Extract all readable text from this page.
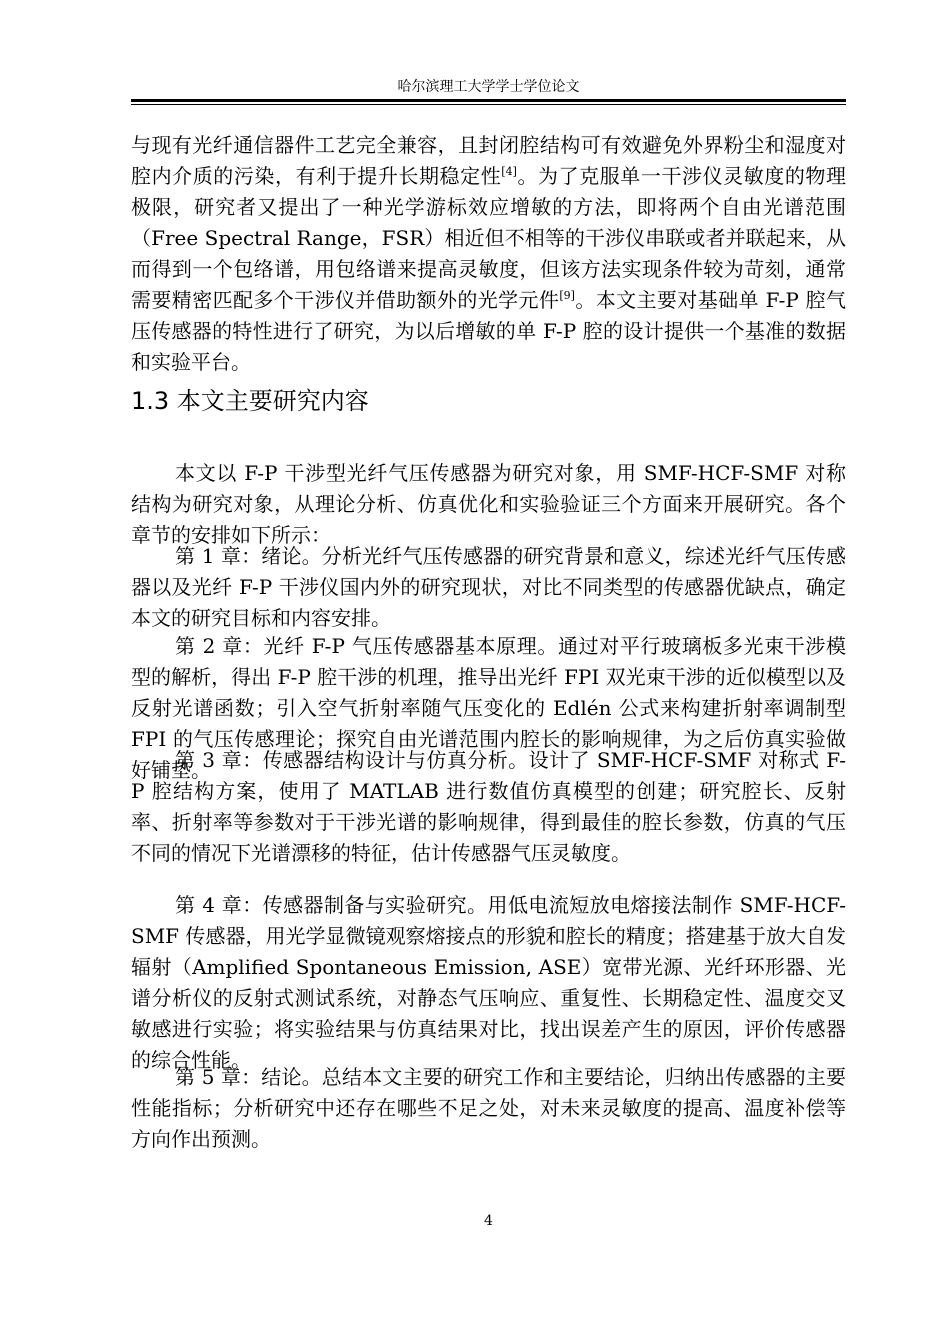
哈尔滨理工大学学士学位论文

与现有光纤通信器件工艺完全兼容，且封闭腔结构可有效避免外界粉尘和湿度对腔内介质的污染，有利于提升长期稳定性[4]。为了克服单一干涉仪灵敏度的物理极限，研究者又提出了一种光学游标效应增敏的方法，即将两个自由光谱范围（Free Spectral Range，FSR）相近但不相等的干涉仪串联或者并联起来，从而得到一个包络谱，用包络谱来提高灵敏度，但该方法实现条件较为苛刻，通常需要精密匹配多个干涉仪并借助额外的光学元件[9]。本文主要对基础单 F-P 腔气压传感器的特性进行了研究，为以后增敏的单 F-P 腔的设计提供一个基准的数据和实验平台。

1.3 本文主要研究内容

本文以 F-P 干涉型光纤气压传感器为研究对象，用 SMF-HCF-SMF 对称结构为研究对象，从理论分析、仿真优化和实验验证三个方面来开展研究。各个章节的安排如下所示：

第 1 章：绪论。分析光纤气压传感器的研究背景和意义，综述光纤气压传感器以及光纤 F-P 干涉仪国内外的研究现状，对比不同类型的传感器优缺点，确定本文的研究目标和内容安排。

第 2 章：光纤 F-P 气压传感器基本原理。通过对平行玻璃板多光束干涉模型的解析，得出 F-P 腔干涉的机理，推导出光纤 FPI 双光束干涉的近似模型以及反射光谱函数；引入空气折射率随气压变化的 Edlén 公式来构建折射率调制型 FPI 的气压传感理论；探究自由光谱范围内腔长的影响规律，为之后仿真实验做好铺垫。

第 3 章：传感器结构设计与仿真分析。设计了 SMF-HCF-SMF 对称式 F-P 腔结构方案，使用了 MATLAB 进行数值仿真模型的创建；研究腔长、反射率、折射率等参数对于干涉光谱的影响规律，得到最佳的腔长参数，仿真的气压不同的情况下光谱漂移的特征，估计传感器气压灵敏度。

第 4 章：传感器制备与实验研究。用低电流短放电熔接法制作 SMF-HCF-SMF 传感器，用光学显微镜观察熔接点的形貌和腔长的精度；搭建基于放大自发辐射（Amplified Spontaneous Emission, ASE）宽带光源、光纤环形器、光谱分析仪的反射式测试系统，对静态气压响应、重复性、长期稳定性、温度交叉敏感进行实验；将实验结果与仿真结果对比，找出误差产生的原因，评价传感器的综合性能。

第 5 章：结论。总结本文主要的研究工作和主要结论，归纳出传感器的主要性能指标；分析研究中还存在哪些不足之处，对未来灵敏度的提高、温度补偿等方向作出预测。

4
